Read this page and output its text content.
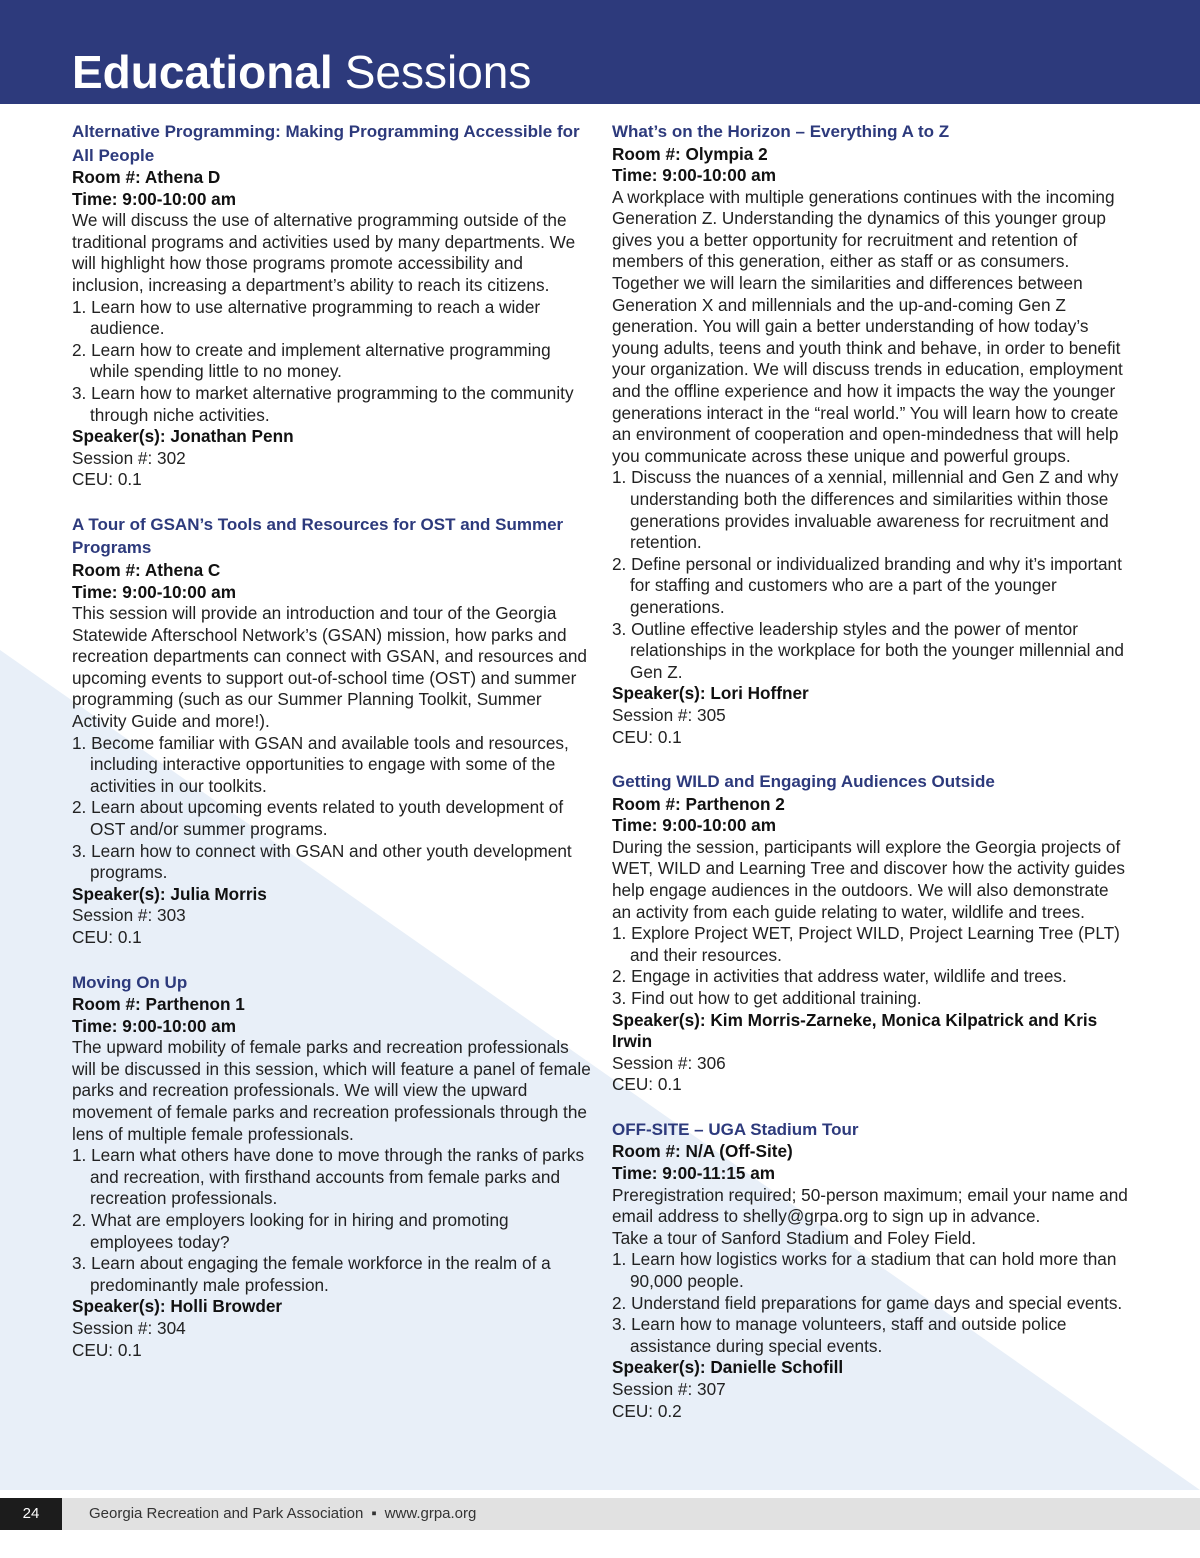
Educational Sessions
Alternative Programming: Making Programming Accessible for All People
Room #: Athena D
Time: 9:00-10:00 am
We will discuss the use of alternative programming outside of the traditional programs and activities used by many departments. We will highlight how those programs promote accessibility and inclusion, increasing a department’s ability to reach its citizens.
1. Learn how to use alternative programming to reach a wider audience.
2. Learn how to create and implement alternative programming while spending little to no money.
3. Learn how to market alternative programming to the community through niche activities.
Speaker(s): Jonathan Penn
Session #: 302
CEU: 0.1
A Tour of GSAN’s Tools and Resources for OST and Summer Programs
Room #: Athena C
Time: 9:00-10:00 am
This session will provide an introduction and tour of the Georgia Statewide Afterschool Network’s (GSAN) mission, how parks and recreation departments can connect with GSAN, and resources and upcoming events to support out-of-school time (OST) and summer programming (such as our Summer Planning Toolkit, Summer Activity Guide and more!).
1. Become familiar with GSAN and available tools and resources, including interactive opportunities to engage with some of the activities in our toolkits.
2. Learn about upcoming events related to youth development of OST and/or summer programs.
3. Learn how to connect with GSAN and other youth development programs.
Speaker(s): Julia Morris
Session #: 303
CEU: 0.1
Moving On Up
Room #: Parthenon 1
Time: 9:00-10:00 am
The upward mobility of female parks and recreation professionals will be discussed in this session, which will feature a panel of female parks and recreation professionals. We will view the upward movement of female parks and recreation professionals through the lens of multiple female professionals.
1. Learn what others have done to move through the ranks of parks and recreation, with firsthand accounts from female parks and recreation professionals.
2. What are employers looking for in hiring and promoting employees today?
3. Learn about engaging the female workforce in the realm of a predominantly male profession.
Speaker(s): Holli Browder
Session #: 304
CEU: 0.1
What’s on the Horizon – Everything A to Z
Room #: Olympia 2
Time: 9:00-10:00 am
A workplace with multiple generations continues with the incoming Generation Z. Understanding the dynamics of this younger group gives you a better opportunity for recruitment and retention of members of this generation, either as staff or as consumers. Together we will learn the similarities and differences between Generation X and millennials and the up-and-coming Gen Z generation. You will gain a better understanding of how today’s young adults, teens and youth think and behave, in order to benefit your organization. We will discuss trends in education, employment and the offline experience and how it impacts the way the younger generations interact in the “real world.” You will learn how to create an environment of cooperation and open-mindedness that will help you communicate across these unique and powerful groups.
1. Discuss the nuances of a xennial, millennial and Gen Z and why understanding both the differences and similarities within those generations provides invaluable awareness for recruitment and retention.
2. Define personal or individualized branding and why it’s important for staffing and customers who are a part of the younger generations.
3. Outline effective leadership styles and the power of mentor relationships in the workplace for both the younger millennial and Gen Z.
Speaker(s): Lori Hoffner
Session #: 305
CEU: 0.1
Getting WILD and Engaging Audiences Outside
Room #: Parthenon 2
Time: 9:00-10:00 am
During the session, participants will explore the Georgia projects of WET, WILD and Learning Tree and discover how the activity guides help engage audiences in the outdoors. We will also demonstrate an activity from each guide relating to water, wildlife and trees.
1. Explore Project WET, Project WILD, Project Learning Tree (PLT) and their resources.
2. Engage in activities that address water, wildlife and trees.
3. Find out how to get additional training.
Speaker(s): Kim Morris-Zarneke, Monica Kilpatrick and Kris Irwin
Session #: 306
CEU: 0.1
OFF-SITE – UGA Stadium Tour
Room #: N/A (Off-Site)
Time: 9:00-11:15 am
Preregistration required; 50-person maximum; email your name and email address to shelly@grpa.org to sign up in advance.
Take a tour of Sanford Stadium and Foley Field.
1. Learn how logistics works for a stadium that can hold more than 90,000 people.
2. Understand field preparations for game days and special events.
3. Learn how to manage volunteers, staff and outside police assistance during special events.
Speaker(s): Danielle Schofill
Session #: 307
CEU: 0.2
24	Georgia Recreation and Park Association ▪ www.grpa.org
